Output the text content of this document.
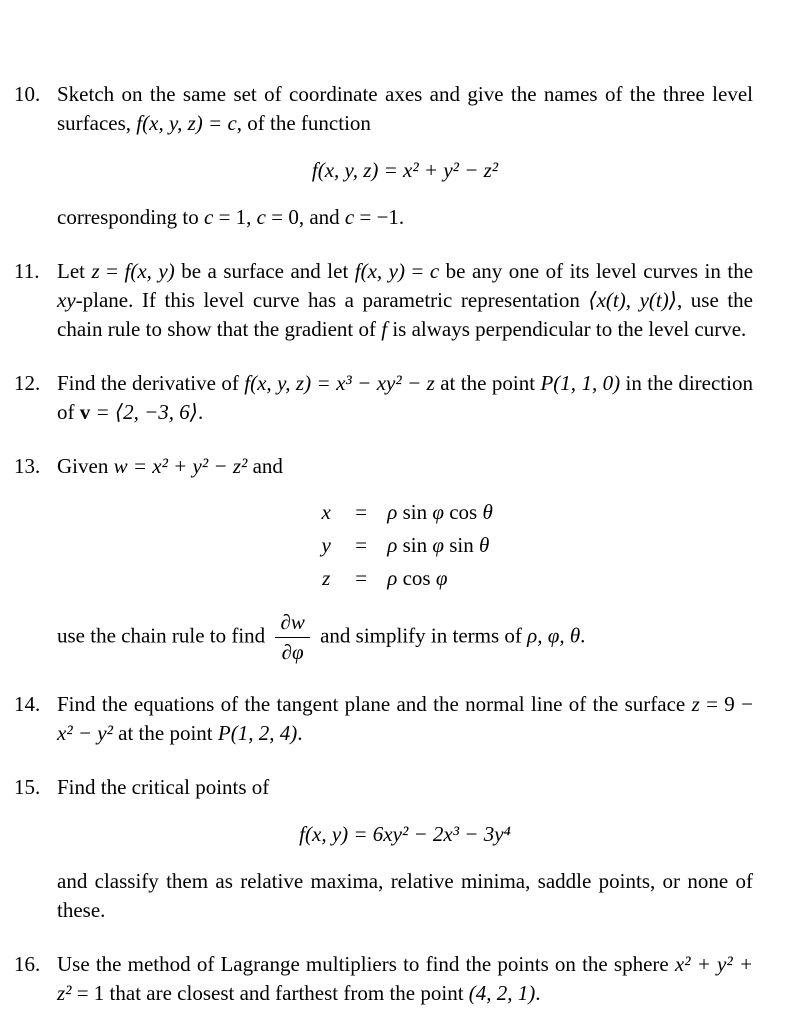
10. Sketch on the same set of coordinate axes and give the names of the three level surfaces, f(x, y, z) = c, of the function

f(x, y, z) = x² + y² − z²

corresponding to c = 1, c = 0, and c = −1.

11. Let z = f(x, y) be a surface and let f(x, y) = c be any one of its level curves in the xy-plane. If this level curve has a parametric representation ⟨x(t), y(t)⟩, use the chain rule to show that the gradient of f is always perpendicular to the level curve.

12. Find the derivative of f(x, y, z) = x³ − xy² − z at the point P(1, 1, 0) in the direction of v = ⟨2, −3, 6⟩.

13. Given w = x² + y² − z² and

x	= ρ sin φ cos θ
y	= ρ sin φ sin θ
z	= ρ cos φ

use the chain rule to find $\frac{\partial w}{\partial\varphi}$ and simplify in terms of ρ, φ, θ.

14. Find the equations of the tangent plane and the normal line of the surface z = 9 − x² − y² at the point P(1, 2, 4).

15. Find the critical points of

f(x, y) = 6xy² − 2x³ − 3y⁴

and classify them as relative maxima, relative minima, saddle points, or none of these.

16. Use the method of Lagrange multipliers to find the points on the sphere x² + y² + z² = 1 that are closest and farthest from the point (4, 2, 1).
